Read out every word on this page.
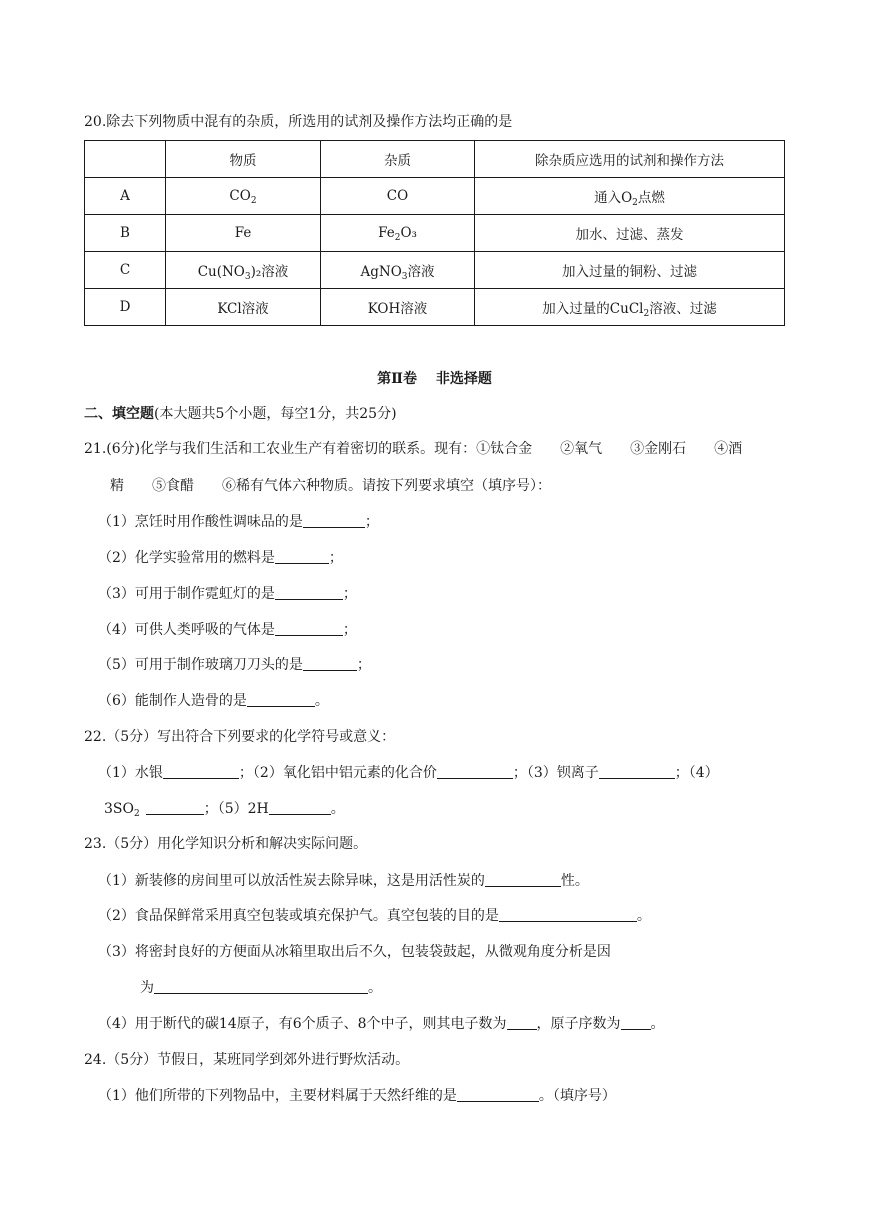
20.除去下列物质中混有的杂质，所选用的试剂及操作方法均正确的是
	物质	杂质	除杂质应选用的试剂和操作方法
A	$CO_2$	CO	通入$O_2$点燃
B	Fe	$Fe_2O_3$	加水、过滤、蒸发
C	$Cu(NO_3)_2$溶液	AgNO$_3$溶液	加入过量的铜粉、过滤
D	KCl溶液	KOH溶液	加入过量的CuCl$_2$溶液、过滤
第Ⅱ卷　 非选择题
二、填空题(本大题共5个小题，每空1分，共25分)
21.(6分)化学与我们生活和工农业生产有着密切的联系。现有：①钛合金　　②氧气　　③金刚石　　④酒
精　　⑤食醋　　⑥稀有气体六种物质。请按下列要求填空（填序号）：
（1）烹饪时用作酸性调味品的是	；
（2）化学实验常用的燃料是	；
（3）可用于制作霓虹灯的是	；
（4）可供人类呼吸的气体是	；
（5）可用于制作玻璃刀刀头的是	；
（6）能制作人造骨的是	。
22.（5分）写出符合下列要求的化学符号或意义：
（1）水银	；（2）氧化铝中铝元素的化合价	；（3）钡离子	；（4）
$3SO_2$	；（5）2H	。
23.（5分）用化学知识分析和解决实际问题。
（1）新装修的房间里可以放活性炭去除异味，这是用活性炭的	性。
（2）食品保鲜常采用真空包装或填充保护气。真空包装的目的是	。
（3）将密封良好的方便面从冰箱里取出后不久，包装袋鼓起，从微观角度分析是因
为	。
（4）用于断代的碳14原子，有6个质子、8个中子，则其电子数为 ，原子序数为 。
24.（5分）节假日，某班同学到郊外进行野炊活动。
（1）他们所带的下列物品中，主要材料属于天然纤维的是	。（填序号）
